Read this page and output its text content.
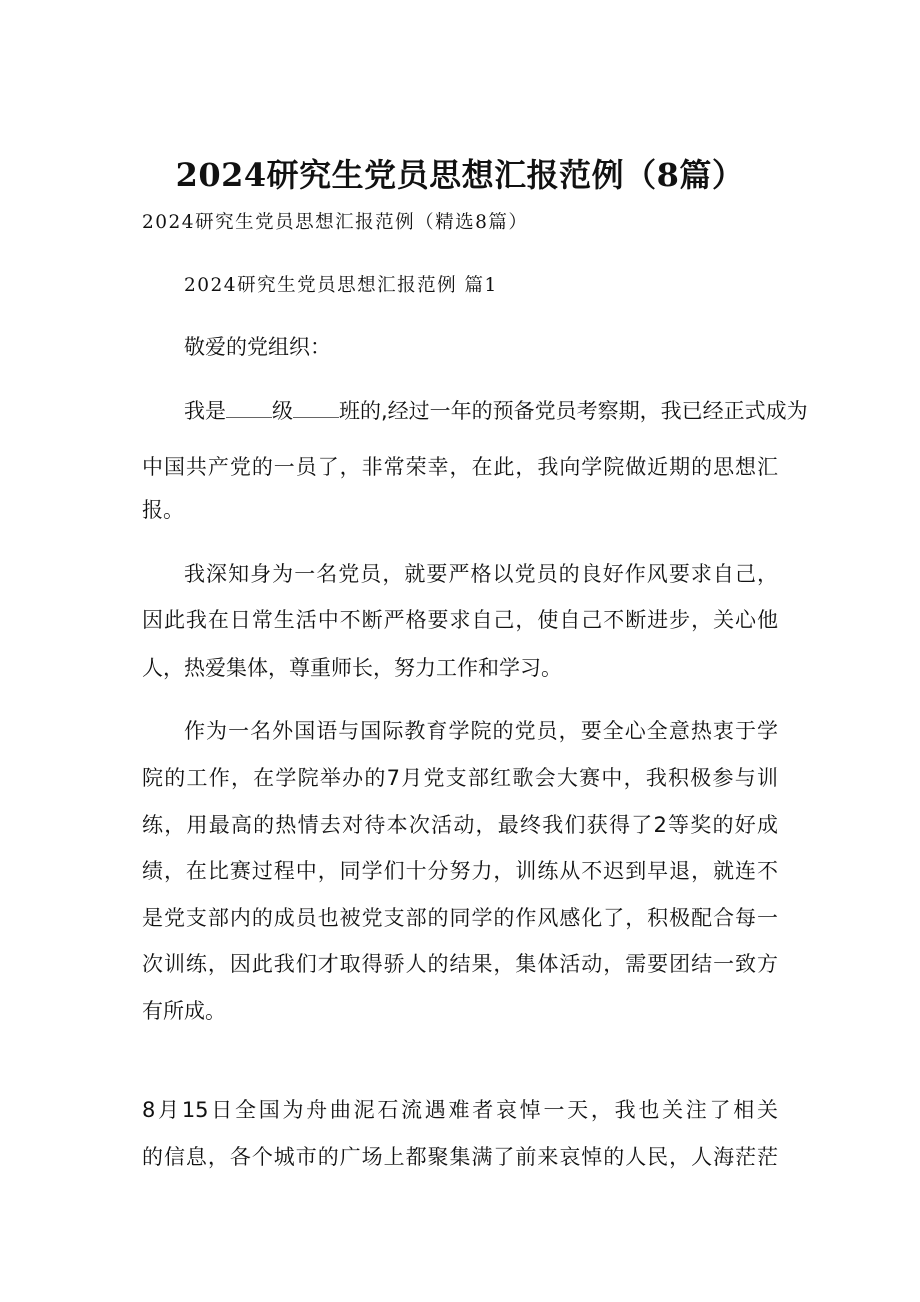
2024研究生党员思想汇报范例（8篇）
2024研究生党员思想汇报范例（精选8篇）
2024研究生党员思想汇报范例 篇1
敬爱的党组织：
我是 级 班的,经过一年的预备党员考察期，我已经正式成为
中国共产党的一员了，非常荣幸，在此，我向学院做近期的思想汇
报。
我深知身为一名党员，就要严格以党员的良好作风要求自己，
因此我在日常生活中不断严格要求自己，使自己不断进步，关心他
人，热爱集体，尊重师长，努力工作和学习。
作为一名外国语与国际教育学院的党员，要全心全意热衷于学
院的工作，在学院举办的7月党支部红歌会大赛中，我积极参与训
练，用最高的热情去对待本次活动，最终我们获得了2等奖的好成
绩，在比赛过程中，同学们十分努力，训练从不迟到早退，就连不
是党支部内的成员也被党支部的同学的作风感化了，积极配合每一
次训练，因此我们才取得骄人的结果，集体活动，需要团结一致方
有所成。
8月15日全国为舟曲泥石流遇难者哀悼一天，我也关注了相关
的信息，各个城市的广场上都聚集满了前来哀悼的人民，人海茫茫
